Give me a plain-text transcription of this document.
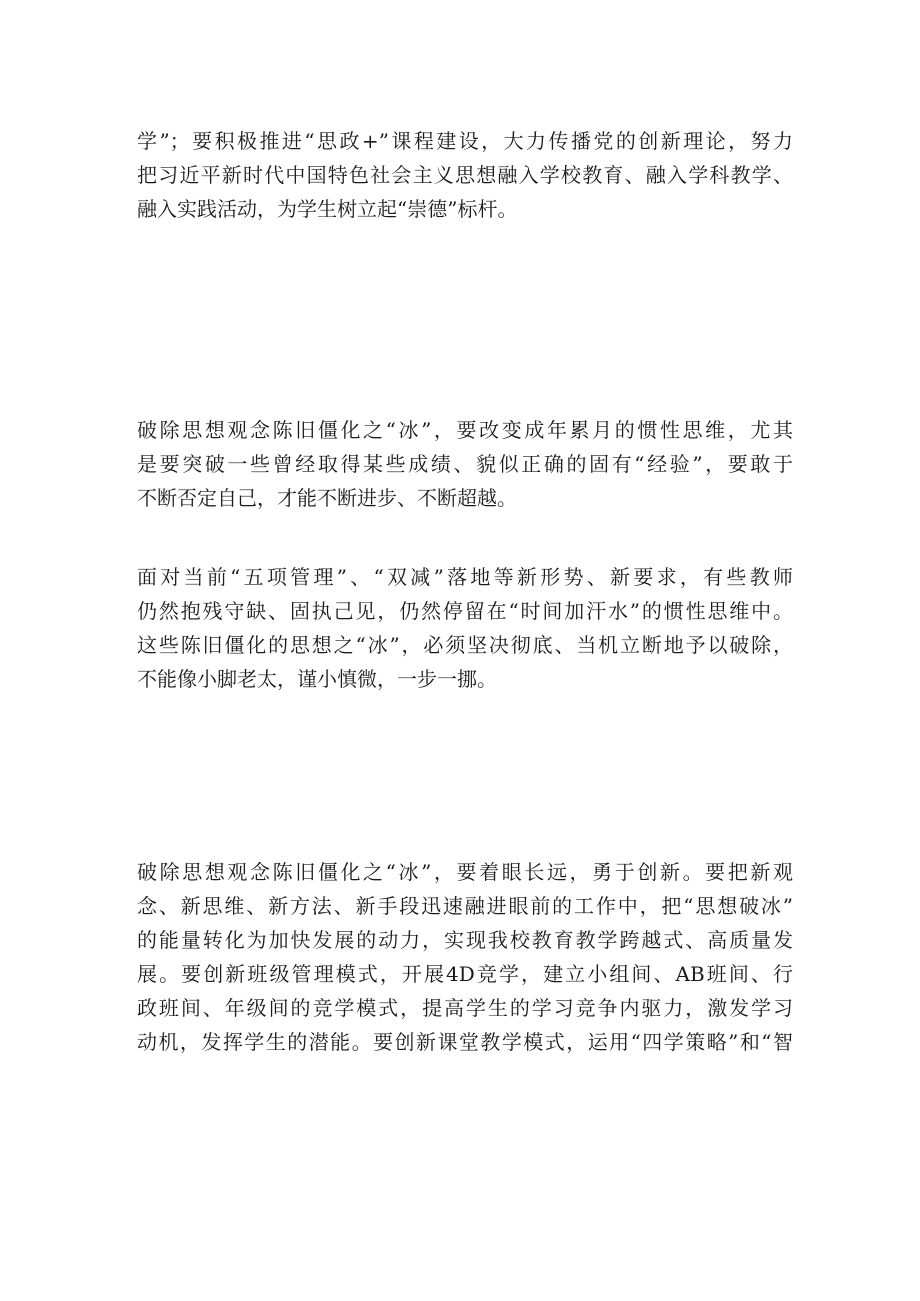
学”；要积极推进“思政+”课程建设，大力传播党的创新理论，努力
把习近平新时代中国特色社会主义思想融入学校教育、融入学科教学、
融入实践活动，为学生树立起“崇德”标杆。
破除思想观念陈旧僵化之“冰”，要改变成年累月的惯性思维，尤其
是要突破一些曾经取得某些成绩、貌似正确的固有“经验”，要敢于
不断否定自己，才能不断进步、不断超越。
面对当前“五项管理”、“双减”落地等新形势、新要求，有些教师
仍然抱残守缺、固执己见，仍然停留在“时间加汗水”的惯性思维中。
这些陈旧僵化的思想之“冰”，必须坚决彻底、当机立断地予以破除，
不能像小脚老太，谨小慎微，一步一挪。
破除思想观念陈旧僵化之“冰”，要着眼长远，勇于创新。要把新观
念、新思维、新方法、新手段迅速融进眼前的工作中，把“思想破冰”
的能量转化为加快发展的动力，实现我校教育教学跨越式、高质量发
展。要创新班级管理模式，开展4D竞学，建立小组间、AB班间、行
政班间、年级间的竞学模式，提高学生的学习竞争内驱力，激发学习
动机，发挥学生的潜能。要创新课堂教学模式，运用“四学策略”和“智
